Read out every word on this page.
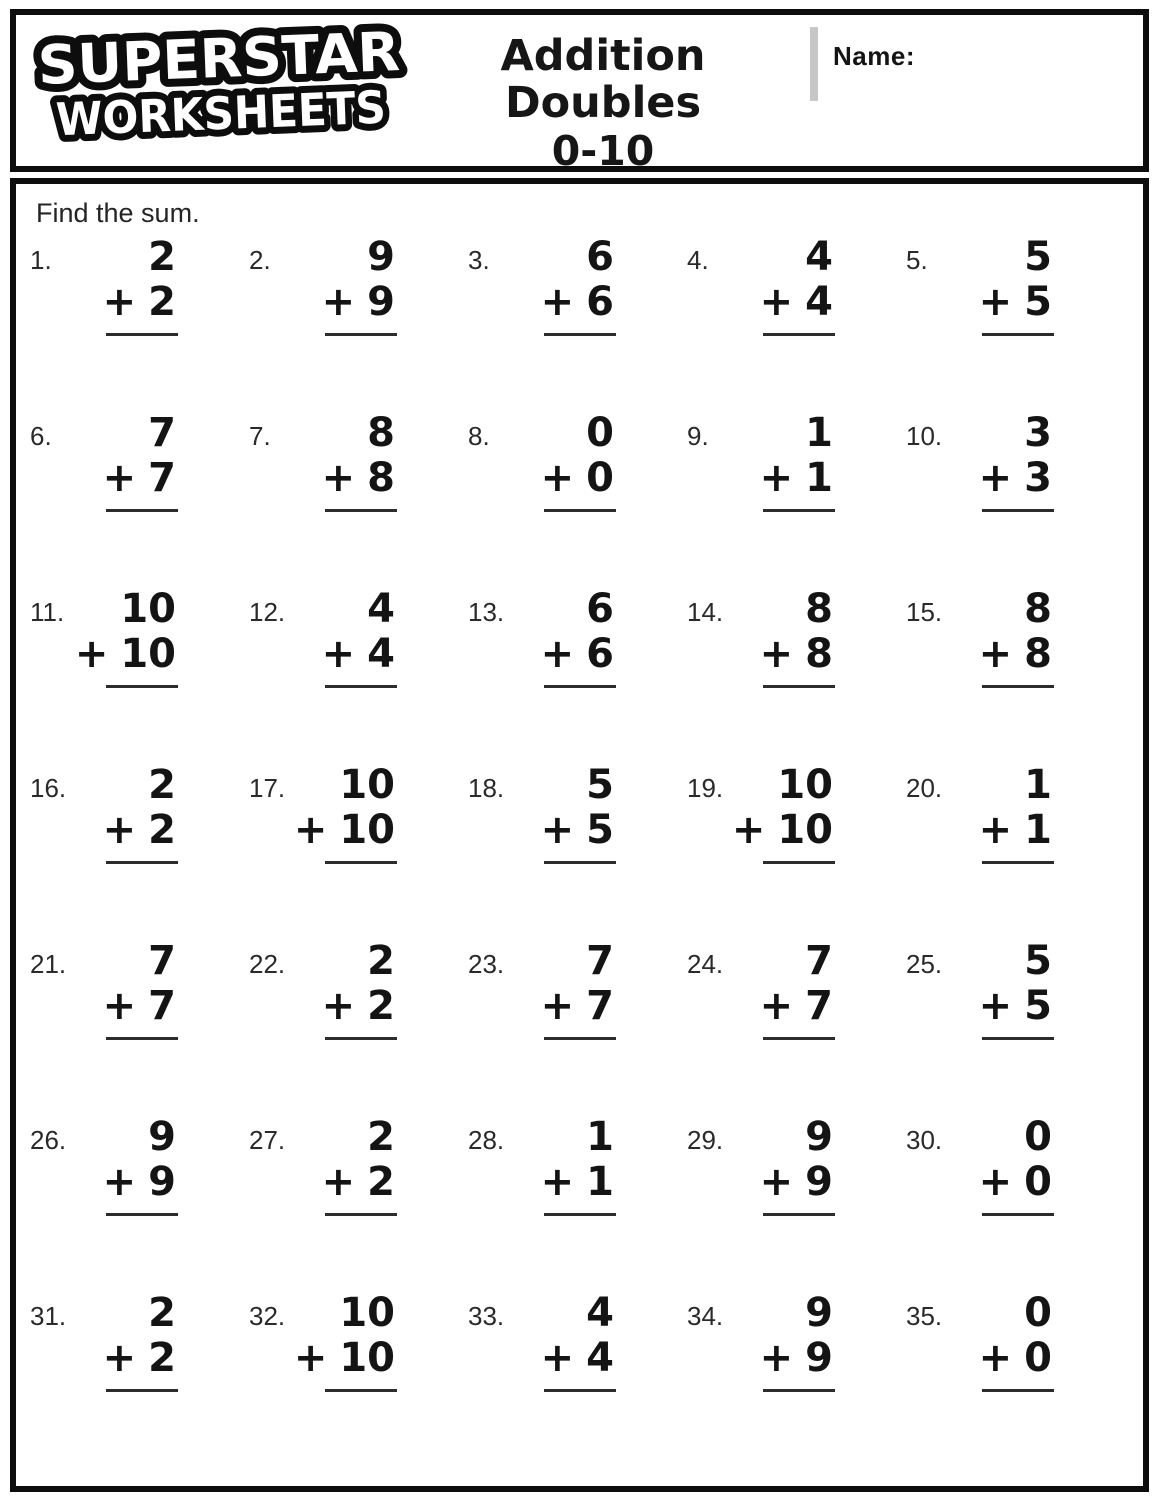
SUPERSTAR
WORKSHEETS
Addition Doubles
0-10
Name:
Find the sum.
1.	2
+ 2
2.	9
+ 9
3.	6
+ 6
4.	4
+ 4
5.	5
+ 5
6.	7
+ 7
7.	8
+ 8
8.	0
+ 0
9.	1
+ 1
10.	3
+ 3
11.	10
+ 10
12.	4
+ 4
13.	6
+ 6
14.	8
+ 8
15.	8
+ 8
16.	2
+ 2
17.	10
+ 10
18.	5
+ 5
19.	10
+ 10
20.	1
+ 1
21.	7
+ 7
22.	2
+ 2
23.	7
+ 7
24.	7
+ 7
25.	5
+ 5
26.	9
+ 9
27.	2
+ 2
28.	1
+ 1
29.	9
+ 9
30.	0
+ 0
31.	2
+ 2
32.	10
+ 10
33.	4
+ 4
34.	9
+ 9
35.	0
+ 0
